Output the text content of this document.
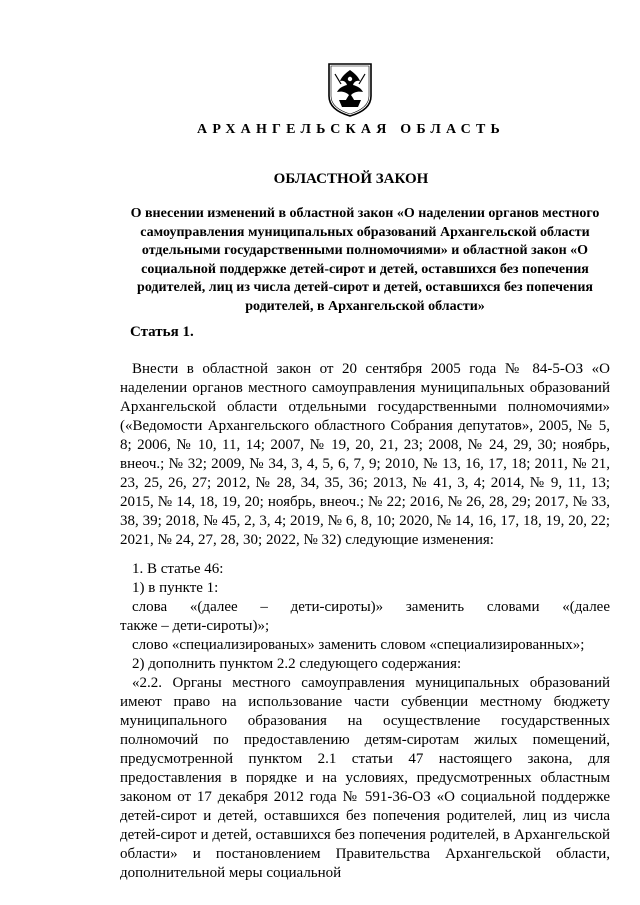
АРХАНГЕЛЬСКАЯ ОБЛАСТЬ
ОБЛАСТНОЙ ЗАКОН
О внесении изменений в областной закон «О наделении органов местного самоуправления муниципальных образований Архангельской области отдельными государственными полномочиями» и областной закон «О социальной поддержке детей-сирот и детей, оставшихся без попечения родителей, лиц из числа детей-сирот и детей, оставшихся без попечения родителей, в Архангельской области»
Статья 1.

Внести в областной закон от 20 сентября 2005 года № 84-5-ОЗ «О наделении органов местного самоуправления муниципальных образований Архангельской области отдельными государственными полномочиями» («Ведомости Архангельского областного Собрания депутатов», 2005, № 5, 8; 2006, № 10, 11, 14; 2007, № 19, 20, 21, 23; 2008, № 24, 29, 30; ноябрь, внеоч.; № 32; 2009, № 34, 3, 4, 5, 6, 7, 9; 2010, № 13, 16, 17, 18; 2011, № 21, 23, 25, 26, 27; 2012, № 28, 34, 35, 36; 2013, № 41, 3, 4; 2014, № 9, 11, 13; 2015, № 14, 18, 19, 20; ноябрь, внеоч.; № 22; 2016, № 26, 28, 29; 2017, № 33, 38, 39; 2018, № 45, 2, 3, 4; 2019, № 6, 8, 10; 2020, № 14, 16, 17, 18, 19, 20, 22; 2021, № 24, 27, 28, 30; 2022, № 32) следующие изменения:

1. В статье 46:

1) в пункте 1:

слова «(далее – дети-сироты)» заменить словами «(далее

также – дети-сироты)»;

слово «специализированых» заменить словом «специализированных»;

2) дополнить пунктом 2.2 следующего содержания:

«2.2. Органы местного самоуправления муниципальных образований имеют право на использование части субвенции местному бюджету муниципального образования на осуществление государственных полномочий по предоставлению детям-сиротам жилых помещений, предусмотренной пунктом 2.1 статьи 47 настоящего закона, для предоставления в порядке и на условиях, предусмотренных областным законом от 17 декабря 2012 года № 591-36-ОЗ «О социальной поддержке детей-сирот и детей, оставшихся без попечения родителей, лиц из числа детей-сирот и детей, оставшихся без попечения родителей, в Архангельской области» и постановлением Правительства Архангельской области, дополнительной меры социальной
